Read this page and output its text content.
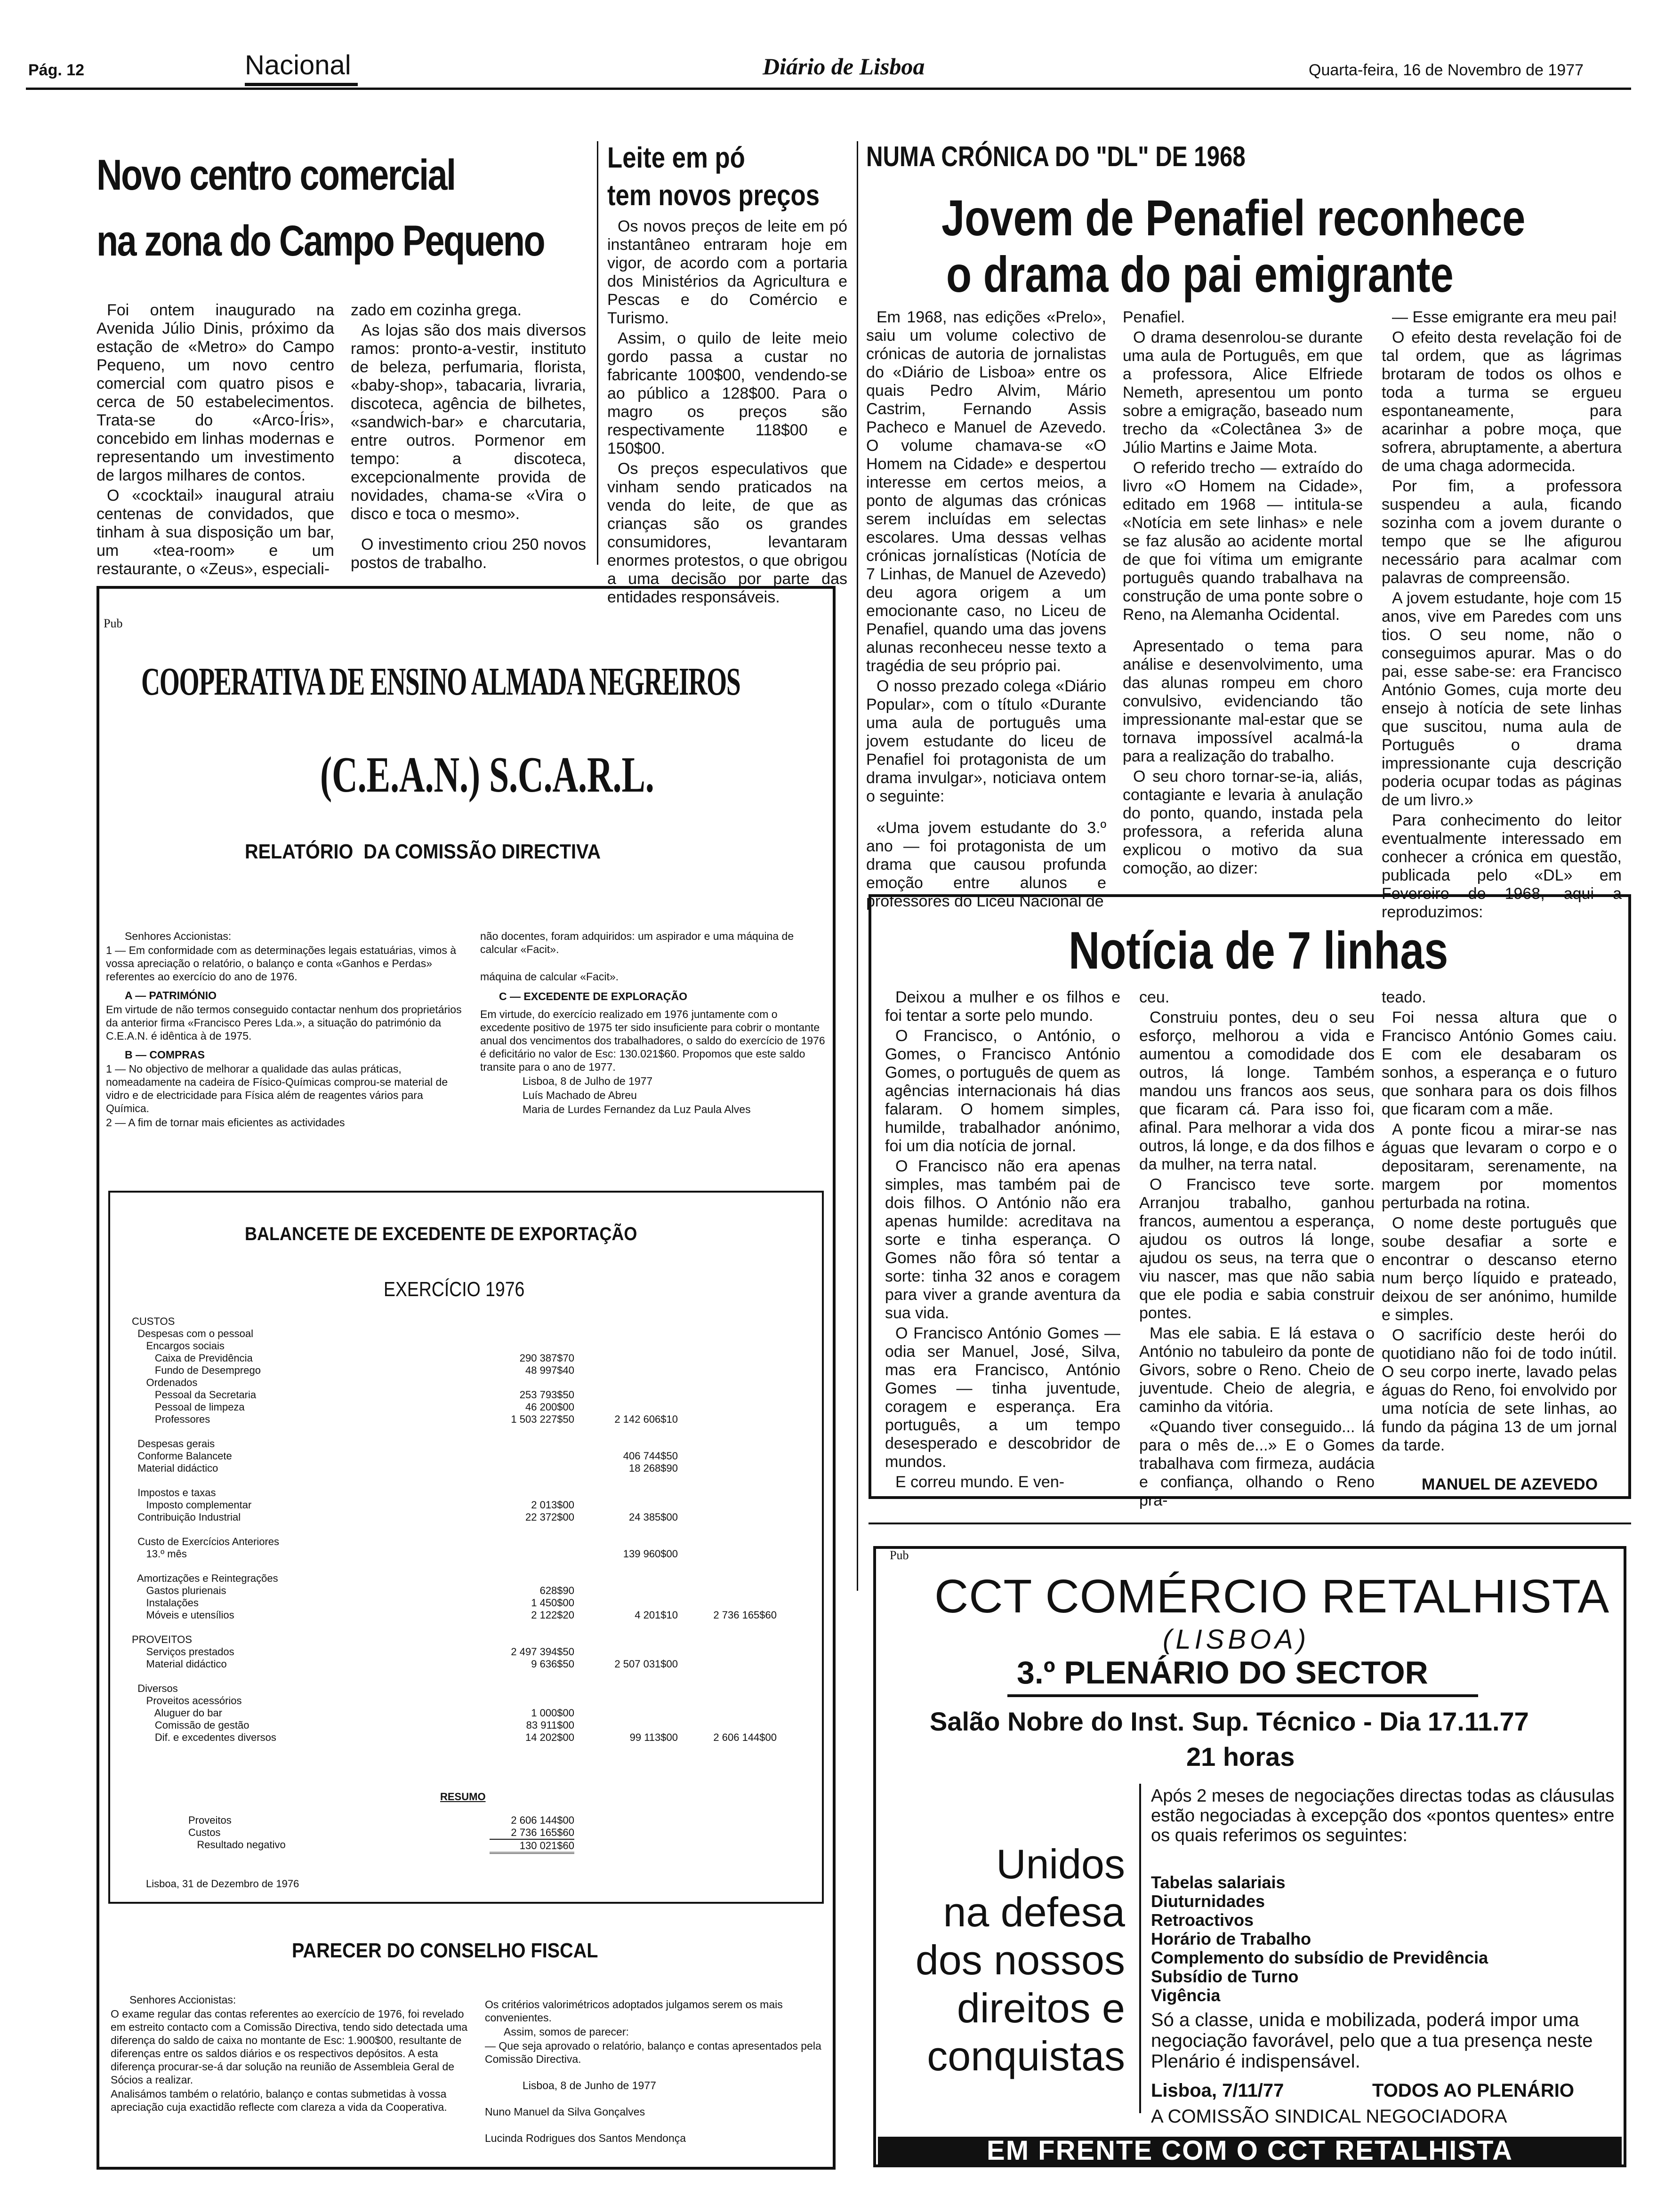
Pág. 12	Nacional	Diário de Lisboa	Quarta-feira, 16 de Novembro de 1977
Novo centro comercial
na zona do Campo Pequeno

Foi ontem inaugurado na Avenida Júlio Dinis, próximo da estação de «Metro» do Campo Pequeno, um novo centro comercial com quatro pisos e cerca de 50 estabelecimentos. Trata-se do «Arco-Íris», concebido em linhas modernas e representando um investimento de largos milhares de contos.

O «cocktail» inaugural atraiu centenas de convidados, que tinham à sua disposição um bar, um «tea-room» e um restaurante, o «Zeus», especiali-

zado em cozinha grega.

As lojas são dos mais diversos ramos: pronto-a-vestir, instituto de beleza, perfumaria, florista, «baby-shop», tabacaria, livraria, discoteca, agência de bilhetes, «sandwich-bar» e charcutaria, entre outros. Pormenor em tempo: a discoteca, excepcionalmente provida de novidades, chama-se «Vira o disco e toca o mesmo».

O investimento criou 250 novos postos de trabalho.

Leite em pó
tem novos preços

Os novos preços de leite em pó instantâneo entraram hoje em vigor, de acordo com a portaria dos Ministérios da Agricultura e Pescas e do Comércio e Turismo.

Assim, o quilo de leite meio gordo passa a custar no fabricante 100$00, vendendo-se ao público a 128$00. Para o magro os preços são respectivamente 118$00 e 150$00.

Os preços especulativos que vinham sendo praticados na venda do leite, de que as crianças são os grandes consumidores, levantaram enormes protestos, o que obrigou a uma decisão por parte das entidades responsáveis.

NUMA CRÓNICA DO "DL" DE 1968
Jovem de Penafiel reconhece
o drama do pai emigrante

Em 1968, nas edições «Prelo», saiu um volume colectivo de crónicas de autoria de jornalistas do «Diário de Lisboa» entre os quais Pedro Alvim, Mário Castrim, Fernando Assis Pacheco e Manuel de Azevedo. O volume chamava-se «O Homem na Cidade» e despertou interesse em certos meios, a ponto de algumas das crónicas serem incluídas em selectas escolares. Uma dessas velhas crónicas jornalísticas (Notícia de 7 Linhas, de Manuel de Azevedo) deu agora origem a um emocionante caso, no Liceu de Penafiel, quando uma das jovens alunas reconheceu nesse texto a tragédia de seu próprio pai.

O nosso prezado colega «Diário Popular», com o título «Durante uma aula de português uma jovem estudante do liceu de Penafiel foi protagonista de um drama invulgar», noticiava ontem o seguinte:

«Uma jovem estudante do 3.º ano — foi protagonista de um drama que causou profunda emoção entre alunos e professores do Liceu Nacional de

Penafiel.

O drama desenrolou-se durante uma aula de Português, em que a professora, Alice Elfriede Nemeth, apresentou um ponto sobre a emigração, baseado num trecho da «Colectânea 3» de Júlio Martins e Jaime Mota.

O referido trecho — extraído do livro «O Homem na Cidade», editado em 1968 — intitula-se «Notícia em sete linhas» e nele se faz alusão ao acidente mortal de que foi vítima um emigrante português quando trabalhava na construção de uma ponte sobre o Reno, na Alemanha Ocidental.

Apresentado o tema para análise e desenvolvimento, uma das alunas rompeu em choro convulsivo, evidenciando tão impressionante mal-estar que se tornava impossível acalmá-la para a realização do trabalho.

O seu choro tornar-se-ia, aliás, contagiante e levaria à anulação do ponto, quando, instada pela professora, a referida aluna explicou o motivo da sua comoção, ao dizer:

— Esse emigrante era meu pai!

O efeito desta revelação foi de tal ordem, que as lágrimas brotaram de todos os olhos e toda a turma se ergueu espontaneamente, para acarinhar a pobre moça, que sofrera, abruptamente, a abertura de uma chaga adormecida.

Por fim, a professora suspendeu a aula, ficando sozinha com a jovem durante o tempo que se lhe afigurou necessário para acalmar com palavras de compreensão.

A jovem estudante, hoje com 15 anos, vive em Paredes com uns tios. O seu nome, não o conseguimos apurar. Mas o do pai, esse sabe-se: era Francisco António Gomes, cuja morte deu ensejo à notícia de sete linhas que suscitou, numa aula de Português o drama impressionante cuja descrição poderia ocupar todas as páginas de um livro.»

Para conhecimento do leitor eventualmente interessado em conhecer a crónica em questão, publicada pelo «DL» em Fevereiro de 1968, aqui a reproduzimos:

Notícia de 7 linhas

Deixou a mulher e os filhos e foi tentar a sorte pelo mundo.

O Francisco, o António, o Gomes, o Francisco António Gomes, o português de quem as agências internacionais há dias falaram. O homem simples, humilde, trabalhador anónimo, foi um dia notícia de jornal.

O Francisco não era apenas simples, mas também pai de dois filhos. O António não era apenas humilde: acreditava na sorte e tinha esperança. O Gomes não fôra só tentar a sorte: tinha 32 anos e coragem para viver a grande aventura da sua vida.

O Francisco António Gomes — odia ser Manuel, José, Silva, mas era Francisco, António Gomes — tinha juventude, coragem e esperança. Era português, a um tempo desesperado e descobridor de mundos.

E correu mundo. E ven-

ceu.

Construiu pontes, deu o seu esforço, melhorou a vida e aumentou a comodidade dos outros, lá longe. Também mandou uns francos aos seus, que ficaram cá. Para isso foi, afinal. Para melhorar a vida dos outros, lá longe, e da dos filhos e da mulher, na terra natal.

O Francisco teve sorte. Arranjou trabalho, ganhou francos, aumentou a esperança, ajudou os outros lá longe, ajudou os seus, na terra que o viu nascer, mas que não sabia que ele podia e sabia construir pontes.

Mas ele sabia. E lá estava o António no tabuleiro da ponte de Givors, sobre o Reno. Cheio de juventude. Cheio de alegria, e caminho da vitória.

«Quando tiver conseguido... lá para o mês de...» E o Gomes trabalhava com firmeza, audácia e confiança, olhando o Reno pra-

teado.

Foi nessa altura que o Francisco António Gomes caiu. E com ele desabaram os sonhos, a esperança e o futuro que sonhara para os dois filhos que ficaram com a mãe.

A ponte ficou a mirar-se nas águas que levaram o corpo e o depositaram, serenamente, na margem por momentos perturbada na rotina.

O nome deste português que soube desafiar a sorte e encontrar o descanso eterno num berço líquido e prateado, deixou de ser anónimo, humilde e simples.

O sacrifício deste herói do quotidiano não foi de todo inútil. O seu corpo inerte, lavado pelas águas do Reno, foi envolvido por uma notícia de sete linhas, ao fundo da página 13 de um jornal da tarde.

MANUEL DE AZEVEDO
Pub
COOPERATIVA DE ENSINO ALMADA NEGREIROS
(C.E.A.N.) S.C.A.R.L.
RELATÓRIO  DA COMISSÃO DIRECTIVA

Senhores Accionistas:

1 — Em conformidade com as determinações legais estatuárias, vimos à vossa apreciação o relatório, o balanço e conta «Ganhos e Perdas» referentes ao exercício do ano de 1976.

A — PATRIMÓNIO

Em virtude de não termos conseguido contactar nenhum dos proprietários da anterior firma «Francisco Peres Lda.», a situação do património da C.E.A.N. é idêntica à de 1975.

B — COMPRAS

1 — No objectivo de melhorar a qualidade das aulas práticas, nomeadamente na cadeira de Físico-Químicas comprou-se material de vidro e de electricidade para Física além de reagentes vários para Química.

2 — A fim de tornar mais eficientes as actividades

não docentes, foram adquiridos: um aspirador e uma máquina de calcular «Facit».

máquina de calcular «Facit».

C — EXCEDENTE DE EXPLORAÇÃO

Em virtude, do exercício realizado em 1976 juntamente com o excedente positivo de 1975 ter sido insuficiente para cobrir o montante anual dos vencimentos dos trabalhadores, o saldo do exercício de 1976 é deficitário no valor de Esc: 130.021$60. Propomos que este saldo transite para o ano de 1977.

Lisboa, 8 de Julho de 1977

Luís Machado de Abreu

Maria de Lurdes Fernandez da Luz Paula Alves

BALANCETE DE EXCEDENTE DE EXPORTAÇÃO
EXERCÍCIO 1976
CUSTOS
Despesas com o pessoal
Encargos sociais
Caixa de Previdência	290 387$70
Fundo de Desemprego	48 997$40
Ordenados
Pessoal da Secretaria	253 793$50
Pessoal de limpeza	46 200$00
Professores	1 503 227$50	2 142 606$10

Despesas gerais
Conforme Balancete	406 744$50
Material didáctico	18 268$90

Impostos e taxas
Imposto complementar	2 013$00
Contribuição Industrial	22 372$00	24 385$00

Custo de Exercícios Anteriores
13.º mês	139 960$00

Amortizações e Reintegrações
Gastos plurienais	628$90
Instalações	1 450$00
Móveis e utensílios	2 122$20	4 201$10	2 736 165$60

PROVEITOS
Serviços prestados	2 497 394$50
Material didáctico	9 636$50	2 507 031$00

Diversos
Proveitos acessórios
Aluguer do bar	1 000$00
Comissão de gestão	83 911$00
Dif. e excedentes diversos	14 202$00	99 113$00	2 606 144$00
RESUMO
Proveitos	2 606 144$00
Custos	2 736 165$60
Resultado negativo	130 021$60
Lisboa, 31 de Dezembro de 1976
PARECER DO CONSELHO FISCAL

Senhores Accionistas:

O exame regular das contas referentes ao exercício de 1976, foi revelado em estreito contacto com a Comissão Directiva, tendo sido detectada uma diferença do saldo de caixa no montante de Esc: 1.900$00, resultante de diferenças entre os saldos diários e os respectivos depósitos. A esta diferença procurar-se-á dar solução na reunião de Assembleia Geral de Sócios a realizar.

Analisámos também o relatório, balanço e contas submetidas à vossa apreciação cuja exactidão reflecte com clareza a vida da Cooperativa.

Os critérios valorimétricos adoptados julgamos serem os mais convenientes.

Assim, somos de parecer:

— Que seja aprovado o relatório, balanço e contas apresentados pela Comissão Directiva.

Lisboa, 8 de Junho de 1977

Nuno Manuel da Silva Gonçalves

Lucinda Rodrigues dos Santos Mendonça

Pub
CCT COMÉRCIO RETALHISTA
(LISBOA)
3.º PLENÁRIO DO SECTOR
Salão Nobre do Inst. Sup. Técnico - Dia 17.11.77
21 horas
Unidos
na defesa
dos nossos
direitos e
conquistas
Após 2 meses de negociações directas todas as cláusulas estão negociadas à excepção dos «pontos quentes» entre os quais referimos os seguintes:
Tabelas salariais
Diuturnidades
Retroactivos
Horário de Trabalho
Complemento do subsídio de Previdência
Subsídio de Turno
Vigência
Só a classe, unida e mobilizada, poderá impor uma negociação favorável, pelo que a tua presença neste Plenário é indispensável.
Lisboa, 7/11/77	TODOS AO PLENÁRIO
A COMISSÃO SINDICAL NEGOCIADORA
EM FRENTE COM O CCT RETALHISTA
